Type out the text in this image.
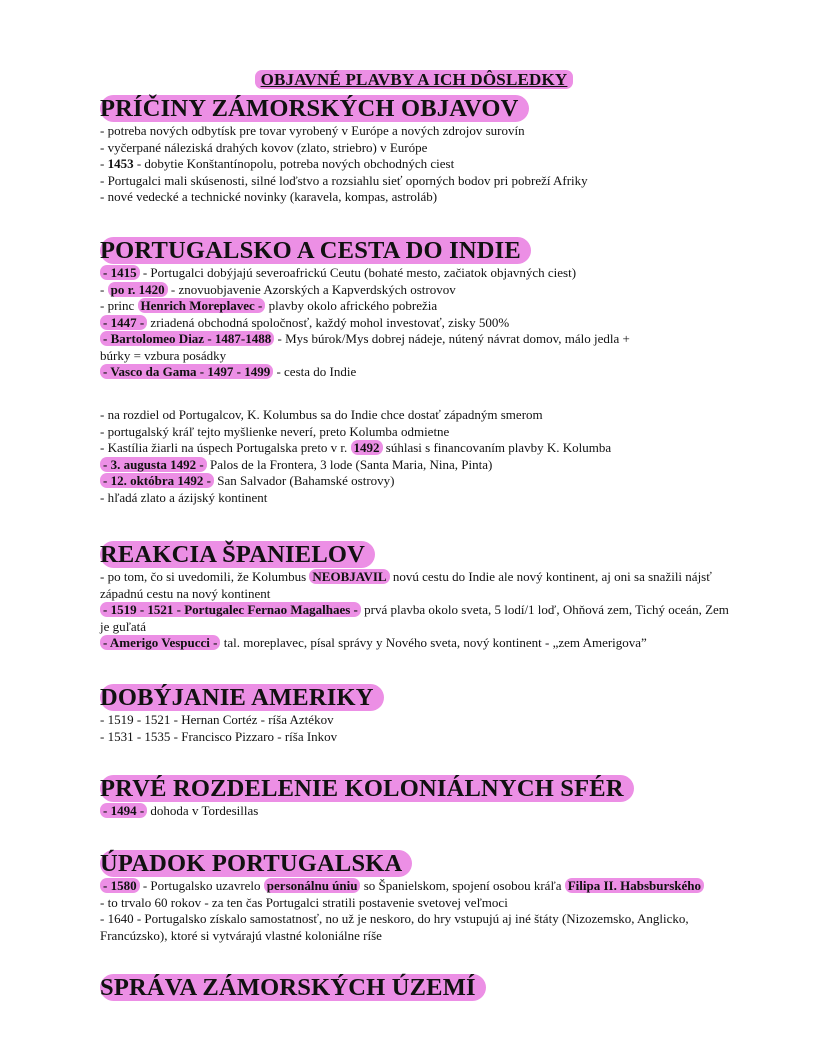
OBJAVNÉ PLAVBY A ICH DÔSLEDKY
PRÍČINY ZÁMORSKÝCH OBJAVOV
- potreba nových odbytísk pre tovar vyrobený v Európe a nových zdrojov surovín
- vyčerpané náleziská drahých kovov (zlato, striebro) v Európe
- 1453 - dobytie Konštantínopolu, potreba nových obchodných ciest
- Portugalci mali skúsenosti, silné loďstvo a rozsiahlu sieť oporných bodov pri pobreží Afriky
- nové vedecké a technické novinky (karavela, kompas, astroláb)
PORTUGALSKO A CESTA DO INDIE
- 1415 - Portugalci dobýjajú severoafrickú Ceutu (bohaté mesto, začiatok objavných ciest)
- po r. 1420 - znovuobjavenie Azorských a Kapverdských ostrovov
- princ Henrich Moreplavec - plavby okolo afrického pobrežia
- 1447 - zriadená obchodná spoločnosť, každý mohol investovať, zisky 500%
- Bartolomeo Diaz - 1487-1488 - Mys búrok/Mys dobrej nádeje, nútený návrat domov, málo jedla + búrky = vzbura posádky
- Vasco da Gama - 1497 - 1499 - cesta do Indie
- na rozdiel od Portugalcov, K. Kolumbus sa do Indie chce dostať západným smerom
- portugalský kráľ tejto myšlienke neverí, preto Kolumba odmietne
- Kastília žiarli na úspech Portugalska preto v r. 1492 súhlasi s financovaním plavby K. Kolumba
- 3. augusta 1492 - Palos de la Frontera, 3 lode (Santa Maria, Nina, Pinta)
- 12. októbra 1492 - San Salvador (Bahamské ostrovy)
- hľadá zlato a ázijský kontinent
REAKCIA ŠPANIELOV
- po tom, čo si uvedomili, že Kolumbus NEOBJAVIL novú cestu do Indie ale nový kontinent, aj oni sa snažili nájsť západnú cestu na nový kontinent
- 1519 - 1521 - Portugalec Fernao Magalhaes - prvá plavba okolo sveta, 5 lodí/1 loď, Ohňová zem, Tichý oceán, Zem je guľatá
- Amerigo Vespucci - tal. moreplavec, písal správy y Nového sveta, nový kontinent - „zem Amerigova”
DOBÝJANIE AMERIKY
- 1519 - 1521 - Hernan Cortéz - ríša Aztékov
- 1531 - 1535 - Francisco Pizzaro - ríša Inkov
PRVÉ ROZDELENIE KOLONIÁLNYCH SFÉR
- 1494 - dohoda v Tordesillas
ÚPADOK PORTUGALSKA
- 1580 - Portugalsko uzavrelo personálnu úniu so Španielskom, spojení osobou kráľa Filipa II. Habsburského
- to trvalo 60 rokov - za ten čas Portugalci stratili postavenie svetovej veľmoci
- 1640 - Portugalsko získalo samostatnosť, no už je neskoro, do hry vstupujú aj iné štáty (Nizozemsko, Anglicko, Francúzsko), ktoré si vytvárajú vlastné koloniálne ríše
SPRÁVA ZÁMORSKÝCH ÚZEMÍ
